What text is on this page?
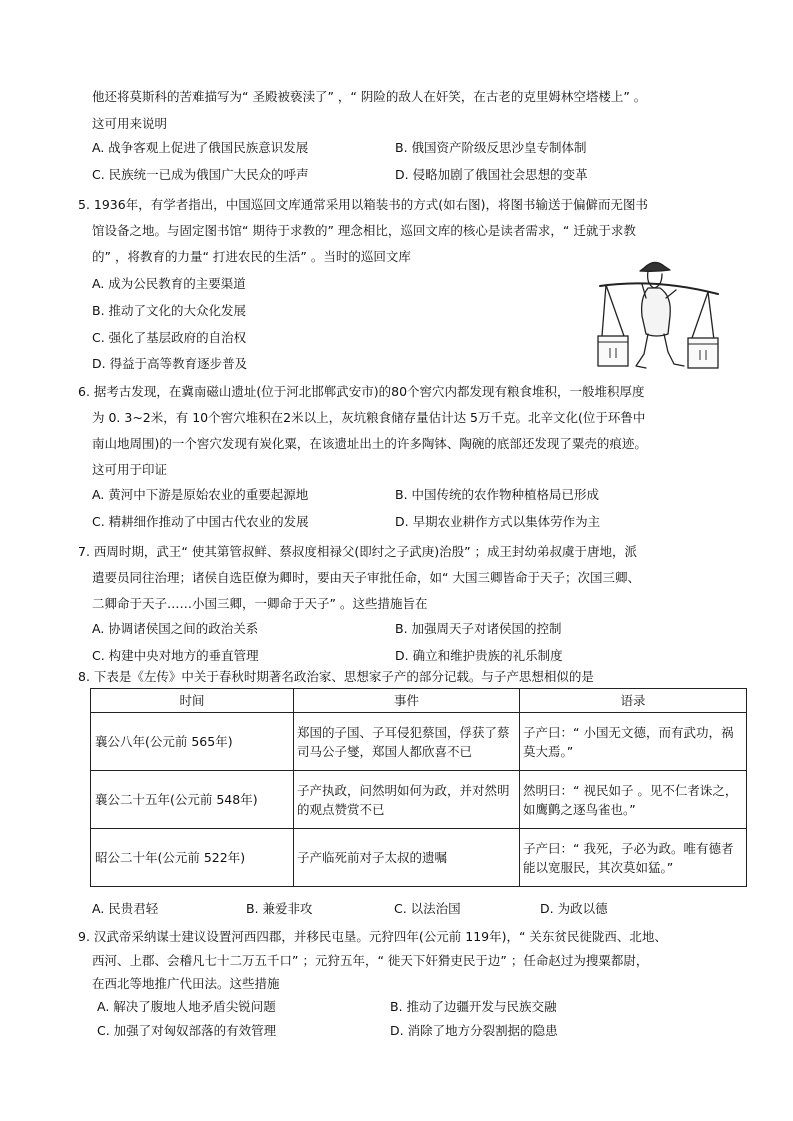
他还将莫斯科的苦难描写为“ 圣殿被亵渎了” ，“ 阴险的敌人在奸笑，在古老的克里姆林空塔楼上” 。
这可用来说明
A. 战争客观上促进了俄国民族意识发展	B. 俄国资产阶级反思沙皇专制体制
C. 民族统一已成为俄国广大民众的呼声	D. 侵略加剧了俄国社会思想的变革
5. 1936年，有学者指出，中国巡回文库通常采用以箱装书的方式(如右图)，将图书输送于偏僻而无图书
馆设备之地。与固定图书馆“ 期待于求教的” 理念相比，巡回文库的核心是读者需求，“ 迁就于求教
的” ，将教育的力量“ 打进农民的生活” 。当时的巡回文库
A. 成为公民教育的主要渠道
B. 推动了文化的大众化发展
C. 强化了基层政府的自治权
D. 得益于高等教育逐步普及
6. 据考古发现，在冀南磁山遗址(位于河北邯郸武安市)的80个窖穴内都发现有粮食堆积，一般堆积厚度
为 0. 3~2米，有 10个窖穴堆积在2米以上，灰坑粮食储存量估计达 5万千克。北辛文化(位于环鲁中
南山地周围)的一个窖穴发现有炭化粟，在该遗址出土的许多陶钵、陶碗的底部还发现了粟壳的痕迹。
这可用于印证
A. 黄河中下游是原始农业的重要起源地	B. 中国传统的农作物种植格局已形成
C. 精耕细作推动了中国古代农业的发展	D. 早期农业耕作方式以集体劳作为主
7. 西周时期，武王“ 使其第管叔鲜、蔡叔度相禄父(即纣之子武庚)治殷” ；成王封幼弟叔虞于唐地，派
遣要员同往治理；诸侯自选臣僚为卿时，要由天子审批任命，如“ 大国三卿皆命于天子；次国三卿、
二卿命于天子……小国三卿，一卿命于天子” 。这些措施旨在
A. 协调诸侯国之间的政治关系	B. 加强周天子对诸侯国的控制
C. 构建中央对地方的垂直管理	D. 确立和维护贵族的礼乐制度
8. 下表是《左传》中关于春秋时期著名政治家、思想家子产的部分记载。与子产思想相似的是
时间	事件	语录
襄公八年(公元前 565年)	郑国的子国、子耳侵犯蔡国，俘获了蔡司马公子燮，郑国人都欣喜不已	子产曰：“ 小国无文德，而有武功，祸莫大焉。”
襄公二十五年(公元前 548年)	子产执政，问然明如何为政，并对然明的观点赞赏不已	然明曰：“ 视民如子 。见不仁者诛之，如鹰鹯之逐鸟雀也。”
昭公二十年(公元前 522年)	子产临死前对子太叔的遗嘱	子产曰：“ 我死，子必为政。唯有德者能以宽服民，其次莫如猛。”
A. 民贵君轻	B. 兼爱非攻	C. 以法治国	D. 为政以德
9. 汉武帝采纳谋士建议设置河西四郡，并移民屯垦。元狩四年(公元前 119年)，“ 关东贫民徙陇西、北地、
西河、上郡、会稽凡七十二万五千口” ；元狩五年，“ 徙天下奸猾吏民于边” ；任命赵过为搜粟都尉，
在西北等地推广代田法。这些措施
A. 解决了腹地人地矛盾尖锐问题	B. 推动了边疆开发与民族交融
C. 加强了对匈奴部落的有效管理	D. 消除了地方分裂割据的隐患
